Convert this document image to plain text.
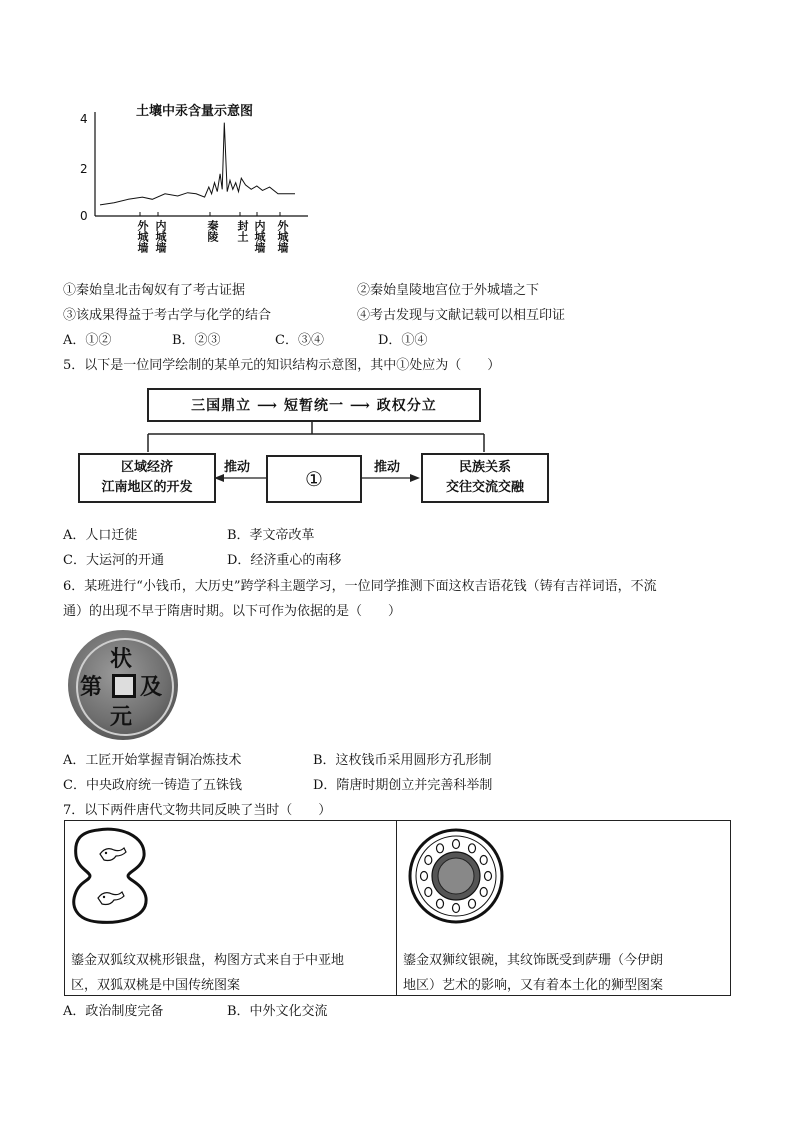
土壤中汞含量示意图
4
2
0
外城墙 内城墙	秦陵 封土 内城墙 外城墙
①秦始皇北击匈奴有了考古证据	②秦始皇陵地宫位于外城墙之下
③该成果得益于考古学与化学的结合	④考古发现与文献记载可以相互印证
A．①②	B．②③	C．③④	D．①④
5．以下是一位同学绘制的某单元的知识结构示意图，其中①处应为（　　）
三国鼎立 ⟶ 短暂统一 ⟶ 政权分立
区域经济
江南地区的开发
推动	①	推动	民族关系
交往交流交融
A．人口迁徙	B．孝文帝改革
C．大运河的开通	D．经济重心的南移
6．某班进行“小钱币，大历史”跨学科主题学习，一位同学推测下面这枚吉语花钱（铸有吉祥词语，不流
通）的出现不早于隋唐时期。以下可作为依据的是（　　）
状
元
及
第
A．工匠开始掌握青铜冶炼技术	B．这枚钱币采用圆形方孔形制
C．中央政府统一铸造了五铢钱	D．隋唐时期创立并完善科举制
7．以下两件唐代文物共同反映了当时（　　）
鎏金双狐纹双桃形银盘，构图方式来自于中亚地
区，双狐双桃是中国传统图案
鎏金双狮纹银碗，其纹饰既受到萨珊（今伊朗
地区）艺术的影响，又有着本土化的狮型图案
A．政治制度完备	B．中外文化交流
